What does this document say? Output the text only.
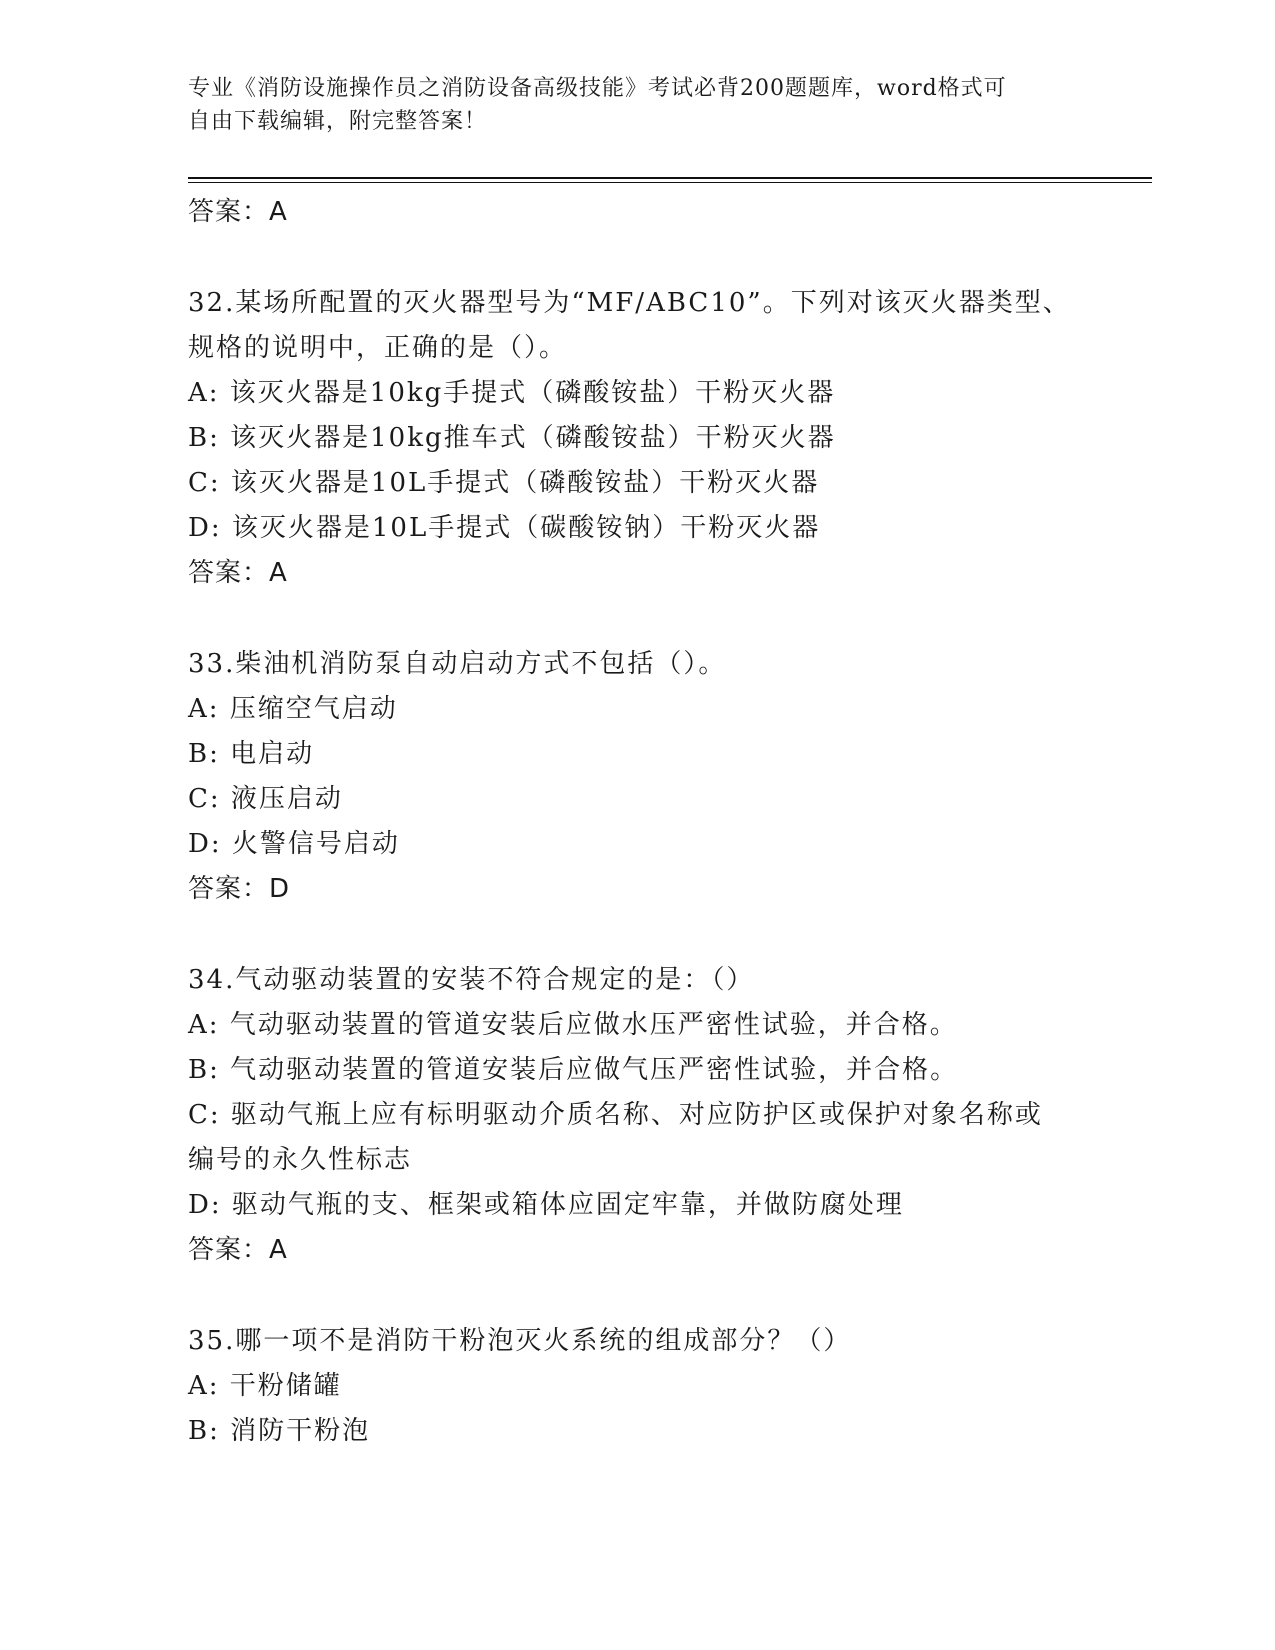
专业《消防设施操作员之消防设备高级技能》考试必背200题题库，word格式可
自由下载编辑，附完整答案！
答案：A
32.某场所配置的灭火器型号为“MF/ABC10”。下列对该灭火器类型、
规格的说明中，正确的是（）。
A: 该灭火器是10kg手提式（磷酸铵盐）干粉灭火器
B: 该灭火器是10kg推车式（磷酸铵盐）干粉灭火器
C: 该灭火器是10L手提式（磷酸铵盐）干粉灭火器
D: 该灭火器是10L手提式（碳酸铵钠）干粉灭火器
答案：A
33.柴油机消防泵自动启动方式不包括（）。
A: 压缩空气启动
B: 电启动
C: 液压启动
D: 火警信号启动
答案：D
34.气动驱动装置的安装不符合规定的是：（）
A: 气动驱动装置的管道安装后应做水压严密性试验，并合格。
B: 气动驱动装置的管道安装后应做气压严密性试验，并合格。
C: 驱动气瓶上应有标明驱动介质名称、对应防护区或保护对象名称或
编号的永久性标志
D: 驱动气瓶的支、框架或箱体应固定牢靠，并做防腐处理
答案：A
35.哪一项不是消防干粉泡灭火系统的组成部分？（）
A: 干粉储罐
B: 消防干粉泡
